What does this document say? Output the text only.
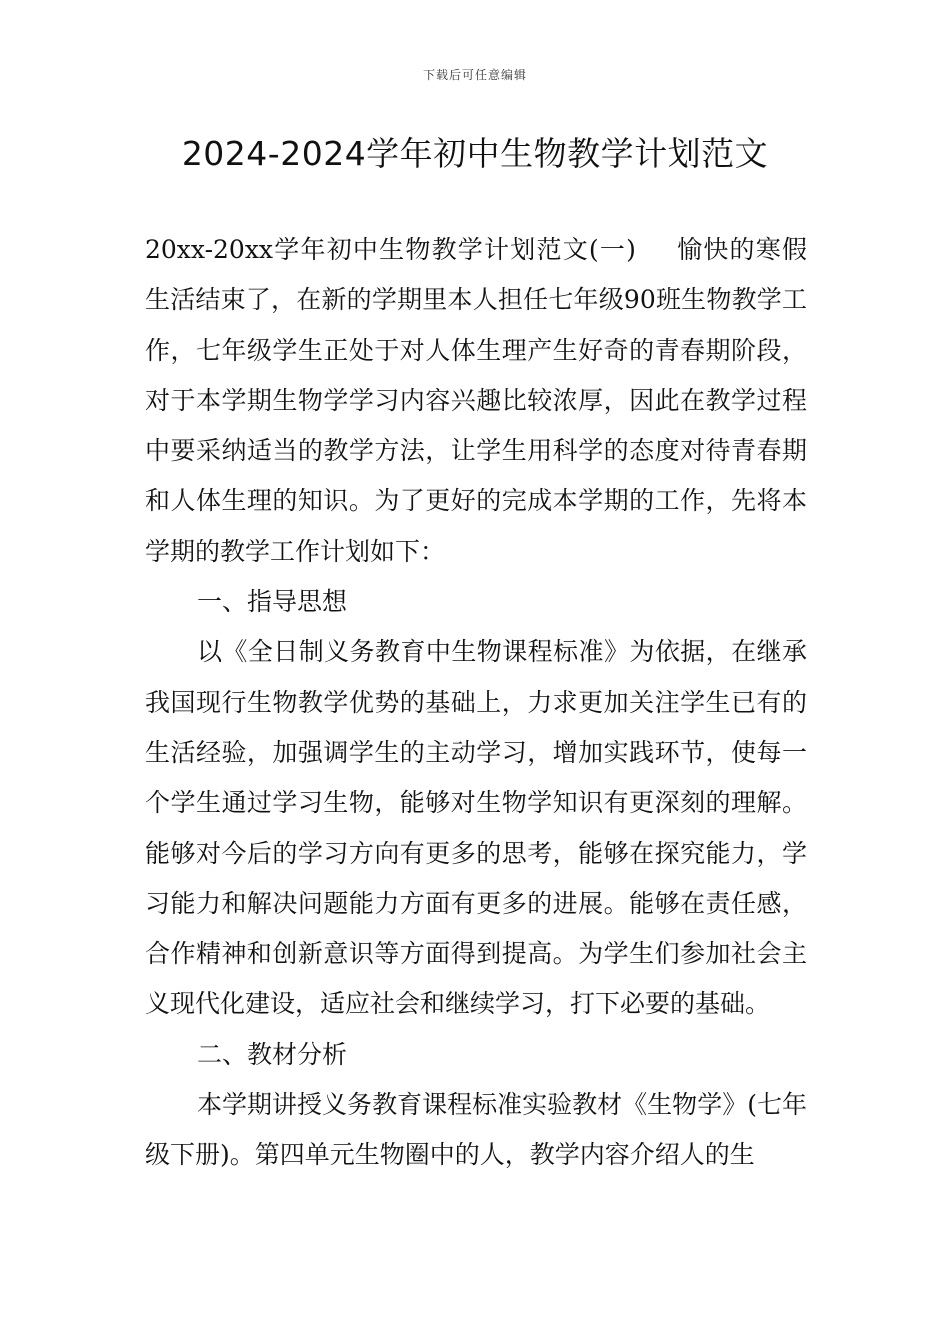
下载后可任意编辑
2024-2024学年初中生物教学计划范文

20xx-20xx学年初中生物教学计划范文(一) 愉快的寒假生活结束了，在新的学期里本人担任七年级90班生物教学工作，七年级学生正处于对人体生理产生好奇的青春期阶段，对于本学期生物学学习内容兴趣比较浓厚，因此在教学过程中要采纳适当的教学方法，让学生用科学的态度对待青春期和人体生理的知识。为了更好的完成本学期的工作，先将本学期的教学工作计划如下：

一、指导思想

以《全日制义务教育中生物课程标准》为依据，在继承我国现行生物教学优势的基础上，力求更加关注学生已有的生活经验，加强调学生的主动学习，增加实践环节，使每一个学生通过学习生物，能够对生物学知识有更深刻的理解。能够对今后的学习方向有更多的思考，能够在探究能力，学习能力和解决问题能力方面有更多的进展。能够在责任感，合作精神和创新意识等方面得到提高。为学生们参加社会主义现代化建设，适应社会和继续学习，打下必要的基础。

二、教材分析

本学期讲授义务教育课程标准实验教材《生物学》(七年级下册)。第四单元生物圈中的人，教学内容介绍人的生
